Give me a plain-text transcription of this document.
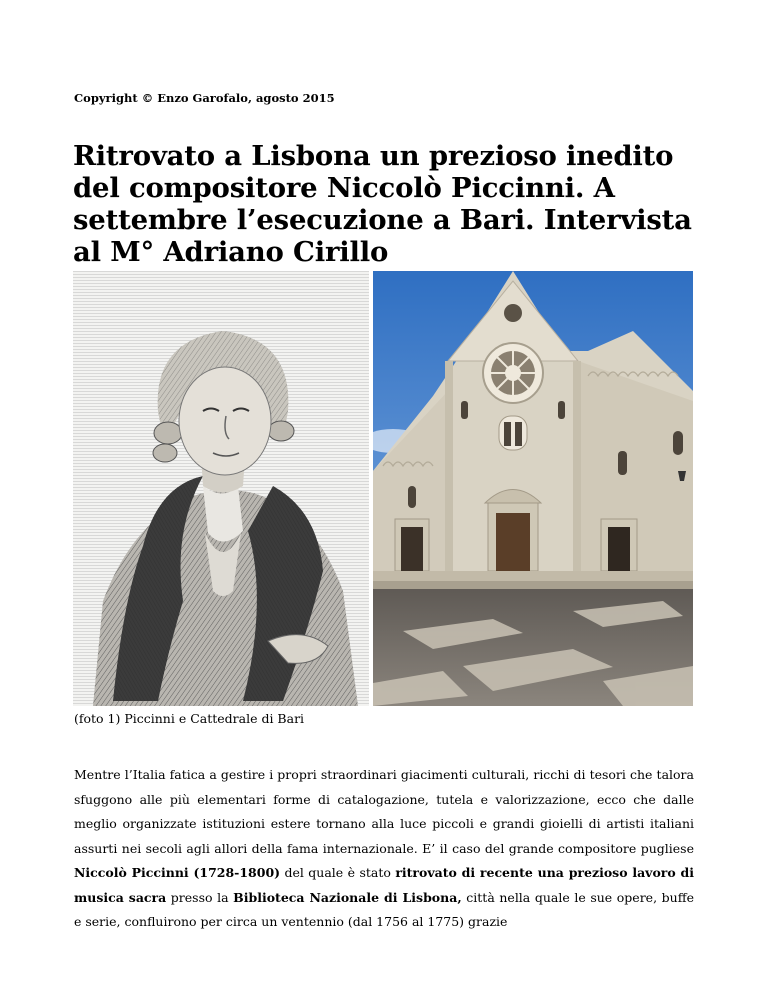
Copyright © Enzo Garofalo, agosto 2015
Ritrovato a Lisbona un prezioso inedito del compositore Niccolò Piccinni. A settembre l’esecuzione a Bari. Intervista al M° Adriano Cirillo
(foto 1) Piccinni e Cattedrale di Bari

Mentre l’Italia fatica a gestire i propri straordinari giacimenti culturali, ricchi di tesori che talora sfuggono alle più elementari forme di catalogazione, tutela e valorizzazione, ecco che dalle meglio organizzate istituzioni estere tornano alla luce piccoli e grandi gioielli di artisti italiani assurti nei secoli agli allori della fama internazionale. E’ il caso del grande compositore pugliese Niccolò Piccinni (1728-1800) del quale è stato ritrovato di recente una prezioso lavoro di musica sacra presso la Biblioteca Nazionale di Lisbona, città nella quale le sue opere, buffe e serie, confluirono per circa un ventennio (dal 1756 al 1775) grazie
